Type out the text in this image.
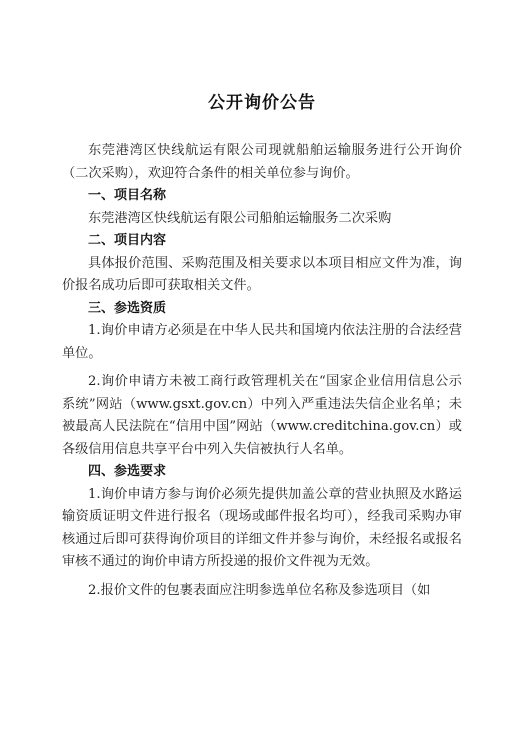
公开询价公告

东莞港湾区快线航运有限公司现就船舶运输服务进行公开询价（二次采购），欢迎符合条件的相关单位参与询价。

一、项目名称

东莞港湾区快线航运有限公司船舶运输服务二次采购

二、项目内容

具体报价范围、采购范围及相关要求以本项目相应文件为准，询价报名成功后即可获取相关文件。

三、参选资质

1.询价申请方必须是在中华人民共和国境内依法注册的合法经营单位。

2.询价申请方未被工商行政管理机关在“国家企业信用信息公示系统”网站（www.gsxt.gov.cn）中列入严重违法失信企业名单；未被最高人民法院在“信用中国”网站（www.creditchina.gov.cn）或各级信用信息共享平台中列入失信被执行人名单。

四、参选要求

1.询价申请方参与询价必须先提供加盖公章的营业执照及水路运输资质证明文件进行报名（现场或邮件报名均可），经我司采购办审核通过后即可获得询价项目的详细文件并参与询价，未经报名或报名审核不通过的询价申请方所投递的报价文件视为无效。

2.报价文件的包裹表面应注明参选单位名称及参选项目（如
